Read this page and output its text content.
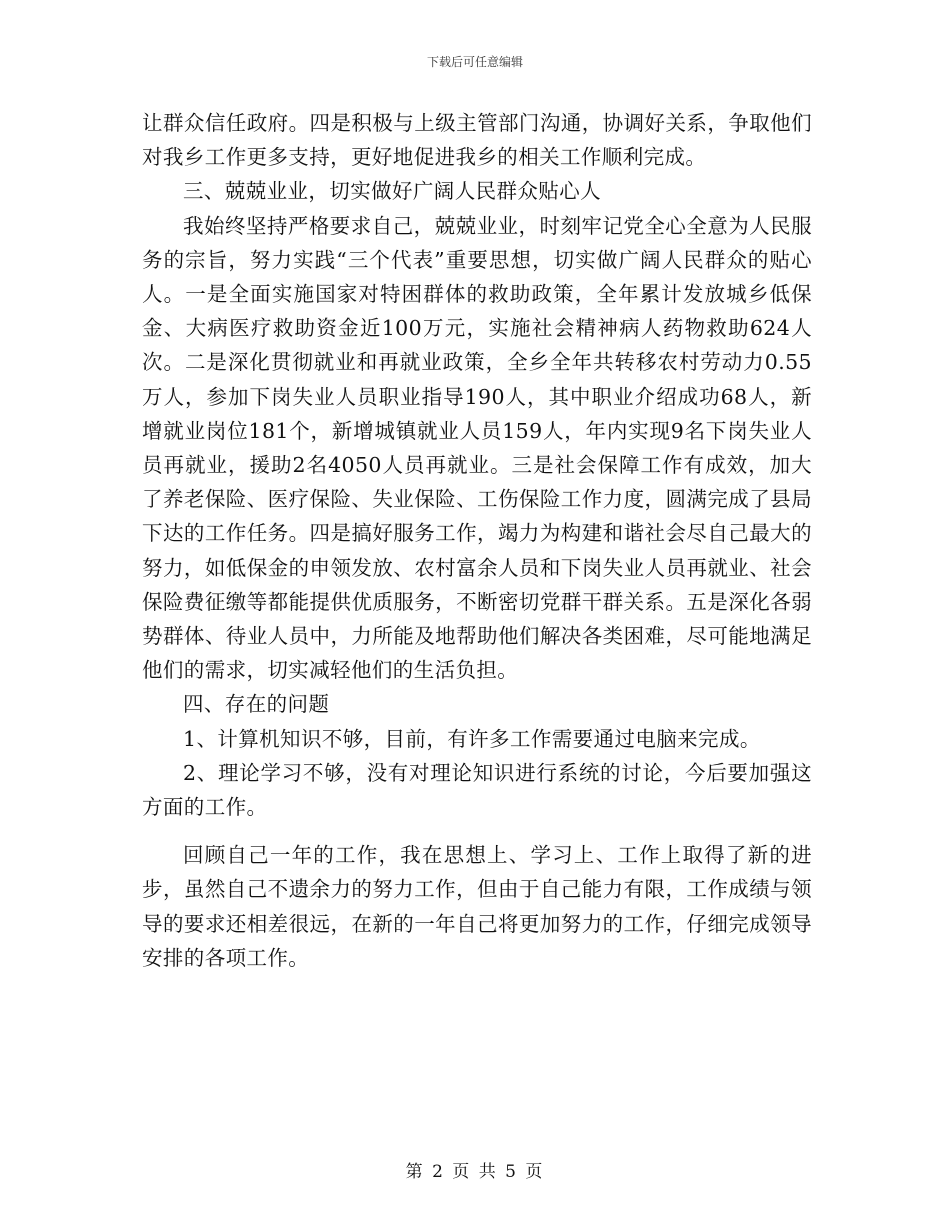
下载后可任意编辑

让群众信任政府。四是积极与上级主管部门沟通，协调好关系，争取他们对我乡工作更多支持，更好地促进我乡的相关工作顺利完成。

三、兢兢业业，切实做好广阔人民群众贴心人

我始终坚持严格要求自己，兢兢业业，时刻牢记党全心全意为人民服务的宗旨，努力实践“三个代表”重要思想，切实做广阔人民群众的贴心人。一是全面实施国家对特困群体的救助政策，全年累计发放城乡低保金、大病医疗救助资金近100万元，实施社会精神病人药物救助624人次。二是深化贯彻就业和再就业政策，全乡全年共转移农村劳动力0.55万人，参加下岗失业人员职业指导190人，其中职业介绍成功68人，新增就业岗位181个，新增城镇就业人员159人，年内实现9名下岗失业人员再就业，援助2名4050人员再就业。三是社会保障工作有成效，加大了养老保险、医疗保险、失业保险、工伤保险工作力度，圆满完成了县局下达的工作任务。四是搞好服务工作，竭力为构建和谐社会尽自己最大的努力，如低保金的申领发放、农村富余人员和下岗失业人员再就业、社会保险费征缴等都能提供优质服务，不断密切党群干群关系。五是深化各弱势群体、待业人员中，力所能及地帮助他们解决各类困难，尽可能地满足他们的需求，切实减轻他们的生活负担。

四、存在的问题

1、计算机知识不够，目前，有许多工作需要通过电脑来完成。

2、理论学习不够，没有对理论知识进行系统的讨论，今后要加强这方面的工作。

回顾自己一年的工作，我在思想上、学习上、工作上取得了新的进步，虽然自己不遗余力的努力工作，但由于自己能力有限，工作成绩与领导的要求还相差很远，在新的一年自己将更加努力的工作，仔细完成领导安排的各项工作。

第 2 页 共 5 页
